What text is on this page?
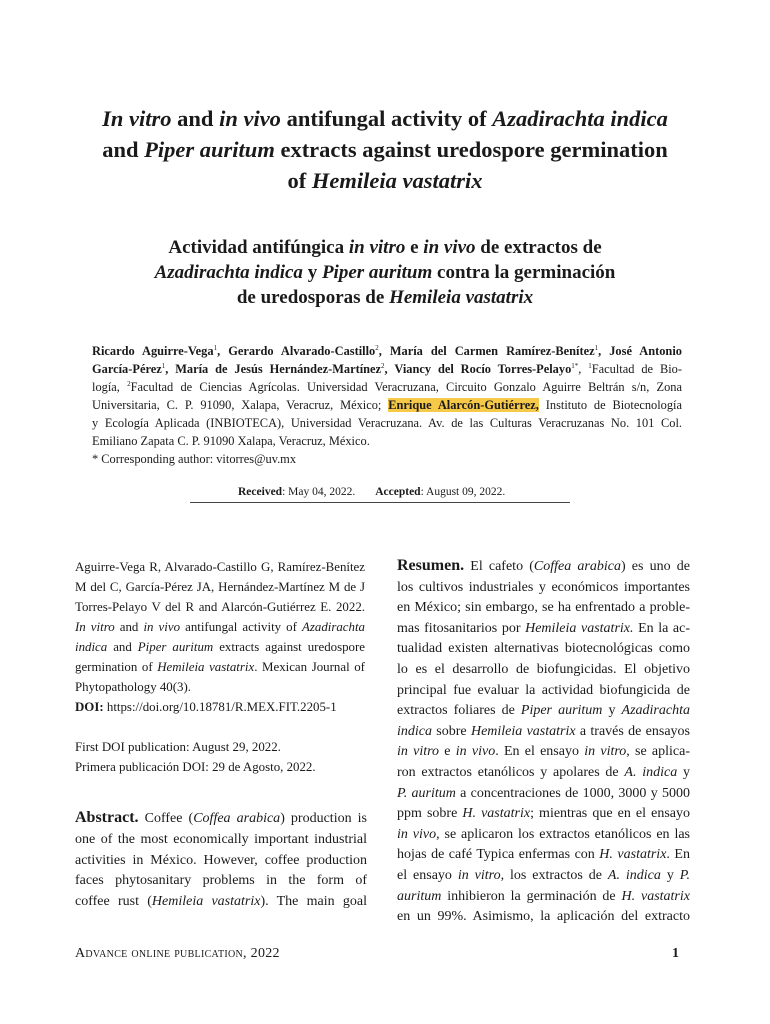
In vitro and in vivo antifungal activity of Azadirachta indica
and Piper auritum extracts against uredospore germination
of Hemileia vastatrix
Actividad antifúngica in vitro e in vivo de extractos de
Azadirachta indica y Piper auritum contra la germinación
de uredosporas de Hemileia vastatrix
Ricardo Aguirre-Vega$^1$, Gerardo Alvarado-Castillo$^2$, María del Carmen Ramírez-Benítez$^1$, José Antonio
García-Pérez$^1$, María de Jesús Hernández-Martínez$^2$, Viancy del Rocío Torres-Pelayo$^{1*}$, $^1$Facultad de Bio-
logía, $^2$Facultad de Ciencias Agrícolas. Universidad Veracruzana, Circuito Gonzalo Aguirre Beltrán s/n, Zona
Universitaria, C. P. 91090, Xalapa, Veracruz, México; Enrique Alarcón-Gutiérrez, Instituto de Biotecnología
y Ecología Aplicada (INBIOTECA), Universidad Veracruzana. Av. de las Culturas Veracruzanas No. 101 Col.
Emiliano Zapata C. P. 91090 Xalapa, Veracruz, México.
* Corresponding author: vitorres@uv.mx
Received: May 04, 2022. Accepted: August 09, 2022.
Aguirre-Vega R, Alvarado-Castillo G, Ramírez-Benítez
M del C, García-Pérez JA, Hernández-Martínez M de J
Torres-Pelayo V del R and Alarcón-Gutiérrez E. 2022.
In vitro and in vivo antifungal activity of Azadirachta
indica and Piper auritum extracts against uredospore
germination of Hemileia vastatrix. Mexican Journal of
Phytopathology 40(3).
DOI: https://doi.org/10.18781/R.MEX.FIT.2205-1
First DOI publication: August 29, 2022.
Primera publicación DOI: 29 de Agosto, 2022.
Abstract. Coffee (Coffea arabica) production is
one of the most economically important industrial
activities in México. However, coffee production
faces phytosanitary problems in the form of
coffee rust (Hemileia vastatrix). The main goal
Resumen. El cafeto (Coffea arabica) es uno de
los cultivos industriales y económicos importantes
en México; sin embargo, se ha enfrentado a proble-
mas fitosanitarios por Hemileia vastatrix. En la ac-
tualidad existen alternativas biotecnológicas como
lo es el desarrollo de biofungicidas. El objetivo
principal fue evaluar la actividad biofungicida de
extractos foliares de Piper auritum y Azadirachta
indica sobre Hemileia vastatrix a través de ensayos
in vitro e in vivo. En el ensayo in vitro, se aplica-
ron extractos etanólicos y apolares de A. indica y
P. auritum a concentraciones de 1000, 3000 y 5000
ppm sobre H. vastatrix; mientras que en el ensayo
in vivo, se aplicaron los extractos etanólicos en las
hojas de café Typica enfermas con H. vastatrix. En
el ensayo in vitro, los extractos de A. indica y P.
auritum inhibieron la germinación de H. vastatrix
en un 99%. Asimismo, la aplicación del extracto
Advance online publication, 2022	1
